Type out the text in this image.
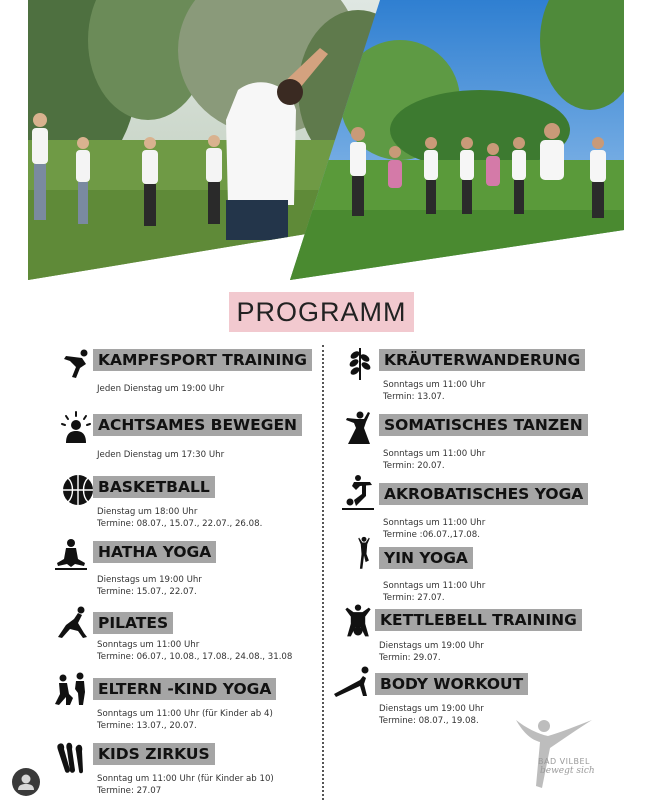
PROGRAMM
KAMPFSPORT TRAINING
Jeden Dienstag um 19:00 Uhr
ACHTSAMES BEWEGEN
Jeden Dienstag um 17:30 Uhr
BASKETBALL
Dienstag um 18:00 Uhr
Termine: 08.07., 15.07., 22.07., 26.08.
HATHA YOGA
Dienstags um 19:00 Uhr
Termine: 15.07., 22.07.
PILATES
Sonntags um 11:00 Uhr
Termine: 06.07., 10.08., 17.08., 24.08., 31.08
ELTERN -KIND YOGA
Sonntags um 11:00 Uhr (für Kinder ab 4)
Termine: 13.07., 20.07.
KIDS ZIRKUS
Sonntag um 11:00 Uhr (für Kinder ab 10)
Termine: 27.07
KRÄUTERWANDERUNG
Sonntags um 11:00 Uhr
Termin: 13.07.
SOMATISCHES TANZEN
Sonntags um 11:00 Uhr
Termin: 20.07.
AKROBATISCHES YOGA
Sonntags um 11:00 Uhr
Termine :06.07.,17.08.
YIN YOGA
Sonntags um 11:00 Uhr
Termin: 27.07.
KETTLEBELL TRAINING
Dienstags um 19:00 Uhr
Termin: 29.07.
BODY WORKOUT
Dienstags um 19:00 Uhr
Termine: 08.07., 19.08.
BAD VILBEL
bewegt sich
